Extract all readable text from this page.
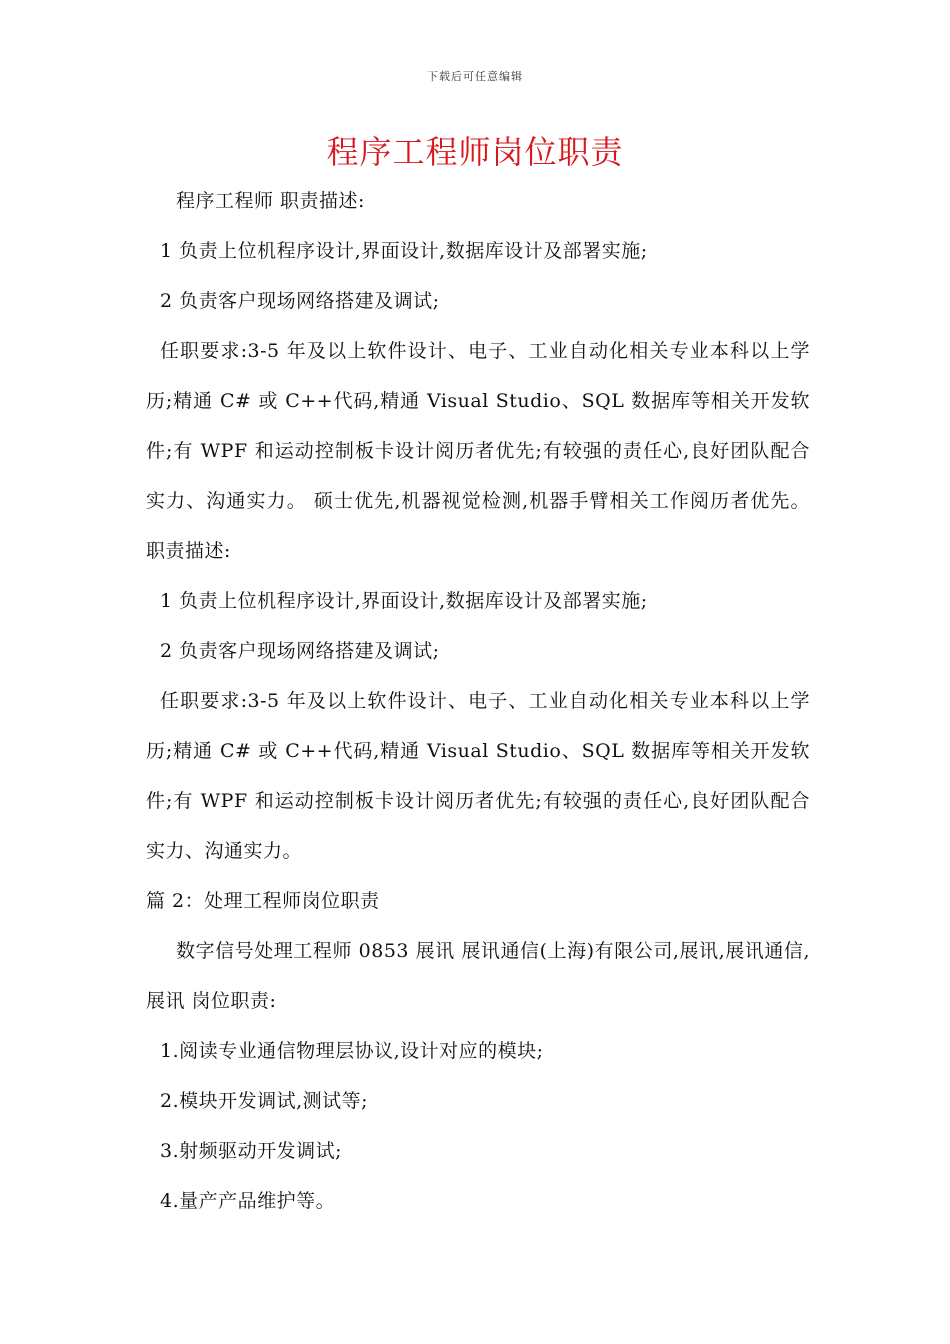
下载后可任意编辑
程序工程师岗位职责

程序工程师 职责描述:

1 负责上位机程序设计,界面设计,数据库设计及部署实施;

2 负责客户现场网络搭建及调试;

任职要求:3-5 年及以上软件设计、电子、工业自动化相关专业本科以上学历;精通 C# 或 C++代码,精通 Visual Studio、SQL 数据库等相关开发软件;有 WPF 和运动控制板卡设计阅历者优先;有较强的责任心,良好团队配合实力、沟通实力。 硕士优先,机器视觉检测,机器手臂相关工作阅历者优先。 职责描述:

1 负责上位机程序设计,界面设计,数据库设计及部署实施;

2 负责客户现场网络搭建及调试;

任职要求:3-5 年及以上软件设计、电子、工业自动化相关专业本科以上学历;精通 C# 或 C++代码,精通 Visual Studio、SQL 数据库等相关开发软件;有 WPF 和运动控制板卡设计阅历者优先;有较强的责任心,良好团队配合实力、沟通实力。

篇 2：处理工程师岗位职责

数字信号处理工程师 0853 展讯 展讯通信(上海)有限公司,展讯,展讯通信,展讯 岗位职责:

1.阅读专业通信物理层协议,设计对应的模块;

2.模块开发调试,测试等;

3.射频驱动开发调试;

4.量产产品维护等。
